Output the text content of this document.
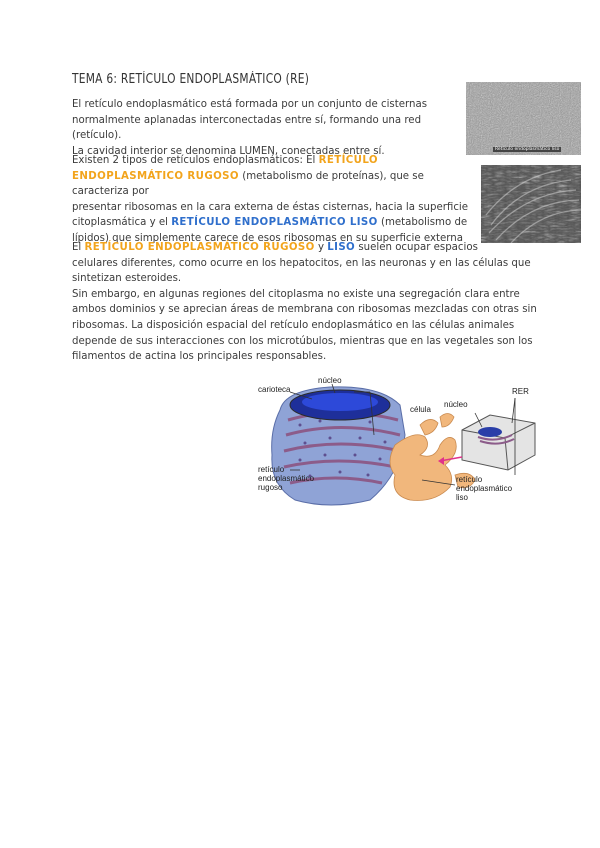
TEMA 6: RETÍCULO ENDOPLASMÁTICO (RE)
El retículo endoplasmático está formada por un conjunto de cisternas
normalmente aplanadas interconectadas entre sí, formando una red (retículo).
La cavidad interior se denomina LUMEN, conectadas entre sí.
Existen 2 tipos de retículos endoplasmáticos: El RETÍCULO
ENDOPLASMÁTICO RUGOSO (metabolismo de proteínas), que se caracteriza por
presentar ribosomas en la cara externa de éstas cisternas, hacia la superficie
citoplasmática y el RETÍCULO ENDOPLASMÁTICO LISO (metabolismo de
lípidos) que simplemente carece de esos ribosomas en su superficie externa
El RETÍCULO ENDOPLASMÁTICO RUGOSO y LISO suelen ocupar espacios
celulares diferentes, como ocurre en los hepatocitos, en las neuronas y en las células que
sintetizan esteroides.
Sin embargo, en algunas regiones del citoplasma no existe una segregación clara entre
ambos dominios y se aprecian áreas de membrana con ribosomas mezcladas con otras sin
ribosomas. La disposición espacial del retículo endoplasmático en las células animales
depende de sus interacciones con los microtúbulos, mientras que en las vegetales son los
filamentos de actina los principales responsables.
Retículo endoplasmático liso
carioteca
núcleo
RER
célula
núcleo
retículo
endoplasmático
rugoso
retículo
endoplasmático
liso
